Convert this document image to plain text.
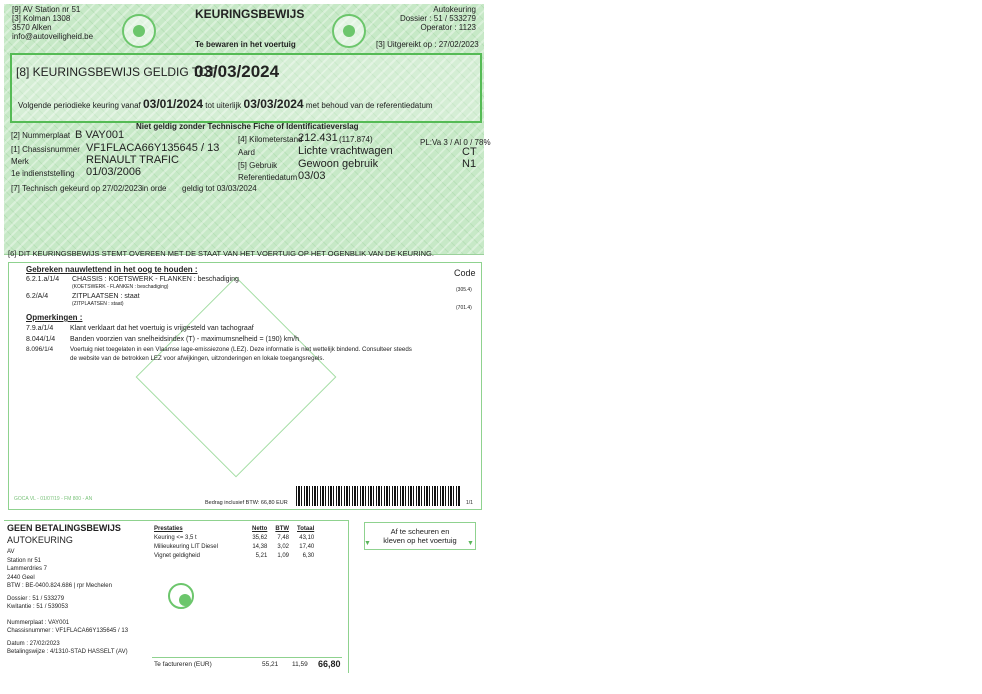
[9] AV Station nr 51
[3] Kolman 1308
3570 Alken
info@autoveiligheid.be
KEURINGSBEWIJS
Te bewaren in het voertuig
Autokeuring
Dossier : 51 / 533279
Operator : 1123
[3] Uitgereikt op : 27/02/2023
[8] KEURINGSBEWIJS GELDIG TOT :
03/03/2024
Volgende periodieke keuring vanaf 03/01/2024 tot uiterlijk 03/03/2024 met behoud van de referentiedatum
Niet geldig zonder Technische Fiche of Identificatieverslag
[2] Nummerplaat B VAY001
[1] Chassisnummer VF1FLACA66Y135645 / 13
Merk	RENAULT TRAFIC
1e indienststelling 01/03/2006
[4] Kilometerstand
212.431 (117.874)
Aard	Lichte vrachtwagen
[5] Gebruik Gewoon gebruik
Referentiedatum 03/03
PL:Va 3 / Al 0 / 78%
CT
N1
[7] Technisch gekeurd op 27/02/2023 in orde geldig tot 03/03/2024
[6] DIT KEURINGSBEWIJS STEMT OVEREEN MET DE STAAT VAN HET VOERTUIG OP HET OGENBLIK VAN DE KEURING.
Gebreken nauwlettend in het oog te houden :	Code
6.2.1.a/1/4 CHASSIS : KOETSWERK - FLANKEN : beschadiging
(KOETSWERK - FLANKEN : beschadiging)	(305.4)
6.2/A/4	ZITPLAATSEN : staat
(ZITPLAATSEN : staat)
(701.4)
Opmerkingen :
7.9.a/1/4 Klant verklaart dat het voertuig is vrijgesteld van tachograaf
8.044/1/4 Banden voorzien van snelheidsindex (T) - maximumsnelheid = (190) km/h
8.096/1/4	Voertuig niet toegelaten in een Vlaamse lage-emissiezone (LEZ). Deze informatie is niet wettelijk bindend. Consulteer steeds
de website van de betrokken LEZ voor afwijkingen, uitzonderingen en lokale toegangsregels.
GOCA VL - 01/07/19 - FM 800 - AN
Bedrag inclusief BTW: 66,80 EUR	1/1
GEEN BETALINGSBEWIJS
AUTOKEURING
AV
Station nr 51
Lammerdries 7
2440 Geel
BTW : BE-0400.824.686 | rpr Mechelen
Dossier : 51 / 533279
Kwitantie : 51 / 539053
Nummerplaat : VAY001
Chassisnummer : VF1FLACA66Y135645 / 13
Datum : 27/02/2023
Betalingswijze : 4/1310-STAD HASSELT (AV)
Prestaties	Netto	BTW	Totaal
Keuring <= 3,5 t	35,62	7,48	43,10
Milieukeuring LIT Diesel	14,38	3,02	17,40
Vignet geldigheid	5,21	1,09	6,30
Te factureren (EUR)	55,21 11,59 66,80
Af te scheuren en kleven op het voertuig
▼	▼
